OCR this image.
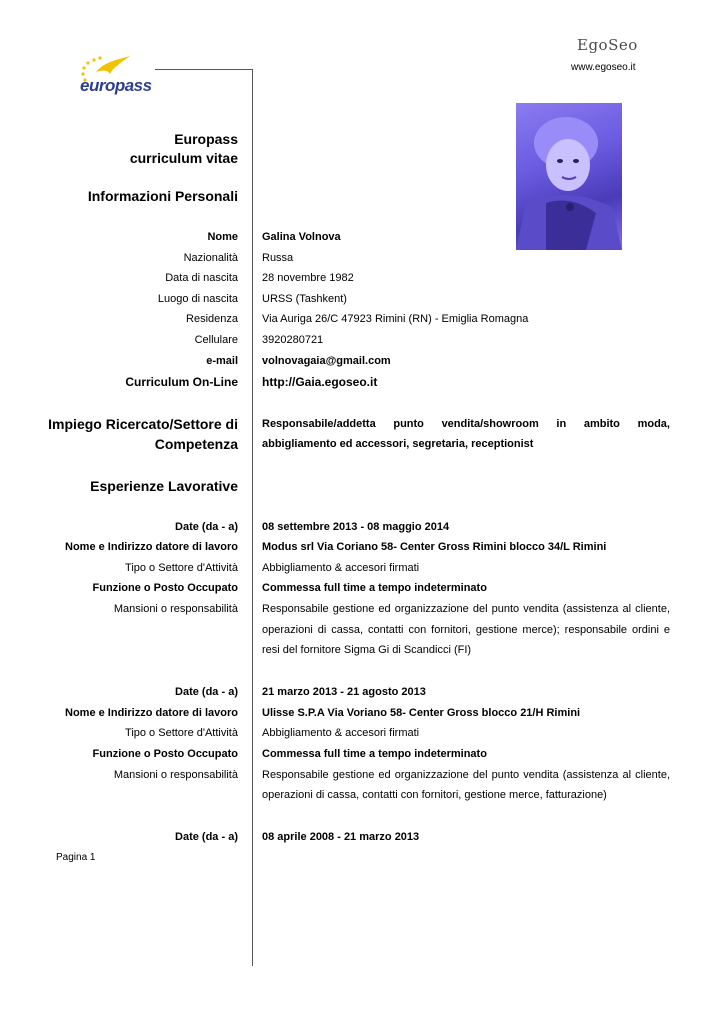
europass
EgoSeo
www.egoseo.it
Europass
curriculum vitae
Informazioni Personali
Nome Galina Volnova
Nazionalità Russa
Data di nascita 28 novembre 1982
Luogo di nascita URSS (Tashkent)
Residenza Via Auriga 26/C 47923 Rimini (RN) - Emiglia Romagna
Cellulare 3920280721
e-mail volnovagaia@gmail.com
Curriculum On-Line http://Gaia.egoseo.it
Impiego Ricercato/Settore di
Competenza
Responsabile/addetta punto vendita/showroom in ambito moda,
abbigliamento ed accessori, segretaria, receptionist
Esperienze Lavorative
Date (da - a) 08 settembre 2013 - 08 maggio 2014
Nome e Indirizzo datore di lavoro Modus srl Via Coriano 58- Center Gross Rimini blocco 34/L Rimini
Tipo o Settore d'Attività Abbigliamento & accesori firmati
Funzione o Posto Occupato Commessa full time a tempo indeterminato
Mansioni o responsabilità Responsabile gestione ed organizzazione del punto vendita (assistenza al cliente,
operazioni di cassa, contatti con fornitori, gestione merce); responsabile ordini e
resi del fornitore Sigma Gi di Scandicci (FI)
Date (da - a) 21 marzo 2013 - 21 agosto 2013
Nome e Indirizzo datore di lavoro Ulisse S.P.A Via Voriano 58- Center Gross blocco 21/H Rimini
Tipo o Settore d'Attività Abbigliamento & accesori firmati
Funzione o Posto Occupato Commessa full time a tempo indeterminato
Mansioni o responsabilità Responsabile gestione ed organizzazione del punto vendita (assistenza al cliente,
operazioni di cassa, contatti con fornitori, gestione merce, fatturazione)
Date (da - a) 08 aprile 2008 - 21 marzo 2013
Pagina 1
